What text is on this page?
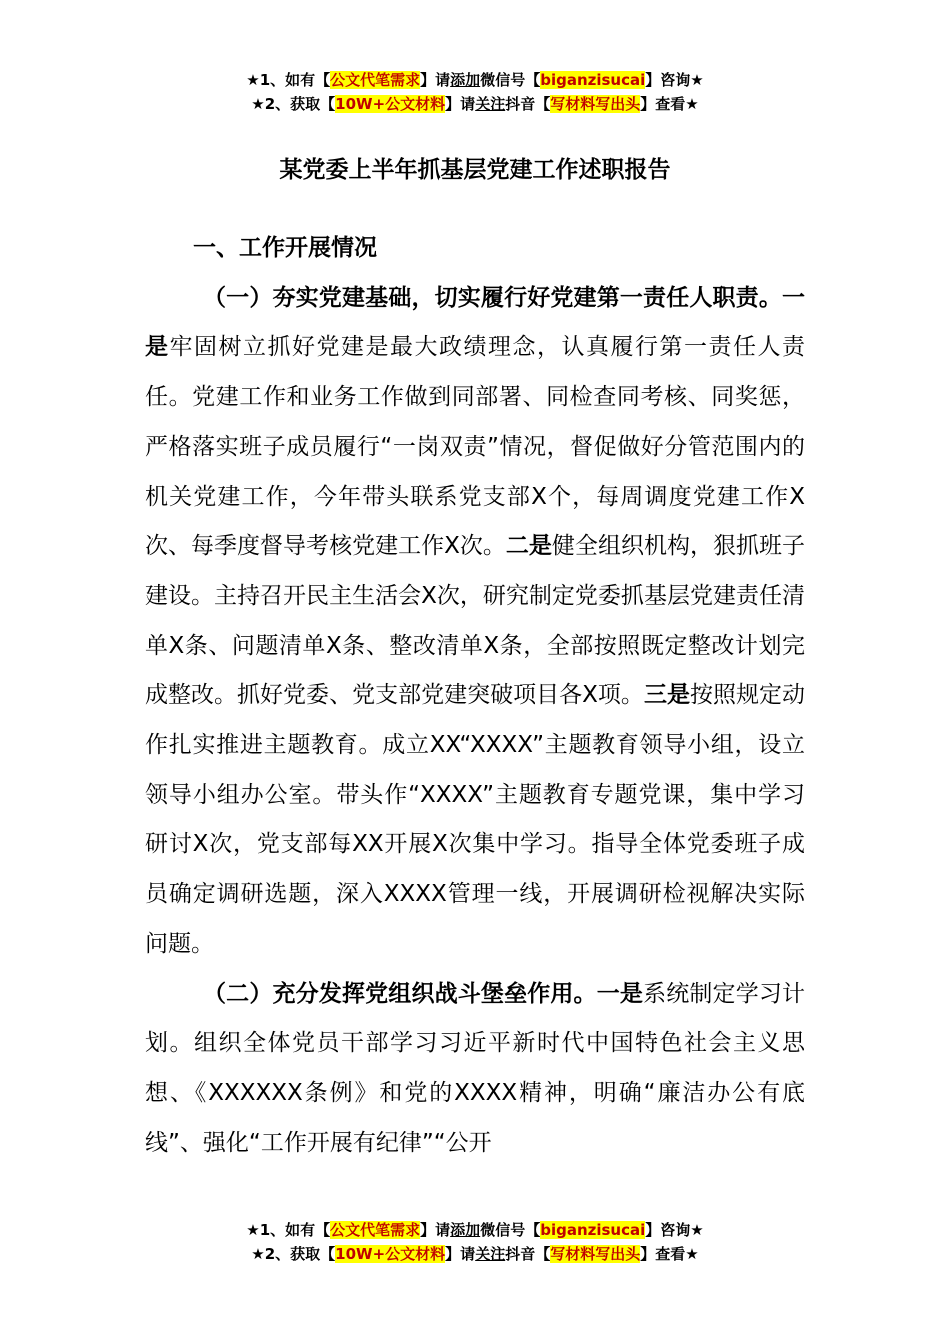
★1、如有【公文代笔需求】请添加微信号【biganzisucai】咨询★
★2、获取【10W+公文材料】请关注抖音【写材料写出头】查看★
某党委上半年抓基层党建工作述职报告

一、工作开展情况

（一）夯实党建基础，切实履行好党建第一责任人职责。一是牢固树立抓好党建是最大政绩理念，认真履行第一责任人责任。党建工作和业务工作做到同部署、同检查同考核、同奖惩，严格落实班子成员履行“一岗双责”情况，督促做好分管范围内的机关党建工作，今年带头联系党支部X个，每周调度党建工作X次、每季度督导考核党建工作X次。二是健全组织机构，狠抓班子建设。主持召开民主生活会X次，研究制定党委抓基层党建责任清单X条、问题清单X条、整改清单X条，全部按照既定整改计划完成整改。抓好党委、党支部党建突破项目各X项。三是按照规定动作扎实推进主题教育。成立XX“XXXX”主题教育领导小组，设立领导小组办公室。带头作“XXXX”主题教育专题党课，集中学习研讨X次，党支部每XX开展X次集中学习。指导全体党委班子成员确定调研选题，深入XXXX管理一线，开展调研检视解决实际问题。

（二）充分发挥党组织战斗堡垒作用。一是系统制定学习计划。组织全体党员干部学习习近平新时代中国特色社会主义思想、《XXXXXX条例》和党的XXXX精神，明确“廉洁办公有底线”、强化“工作开展有纪律”“公开

★1、如有【公文代笔需求】请添加微信号【biganzisucai】咨询★
★2、获取【10W+公文材料】请关注抖音【写材料写出头】查看★
